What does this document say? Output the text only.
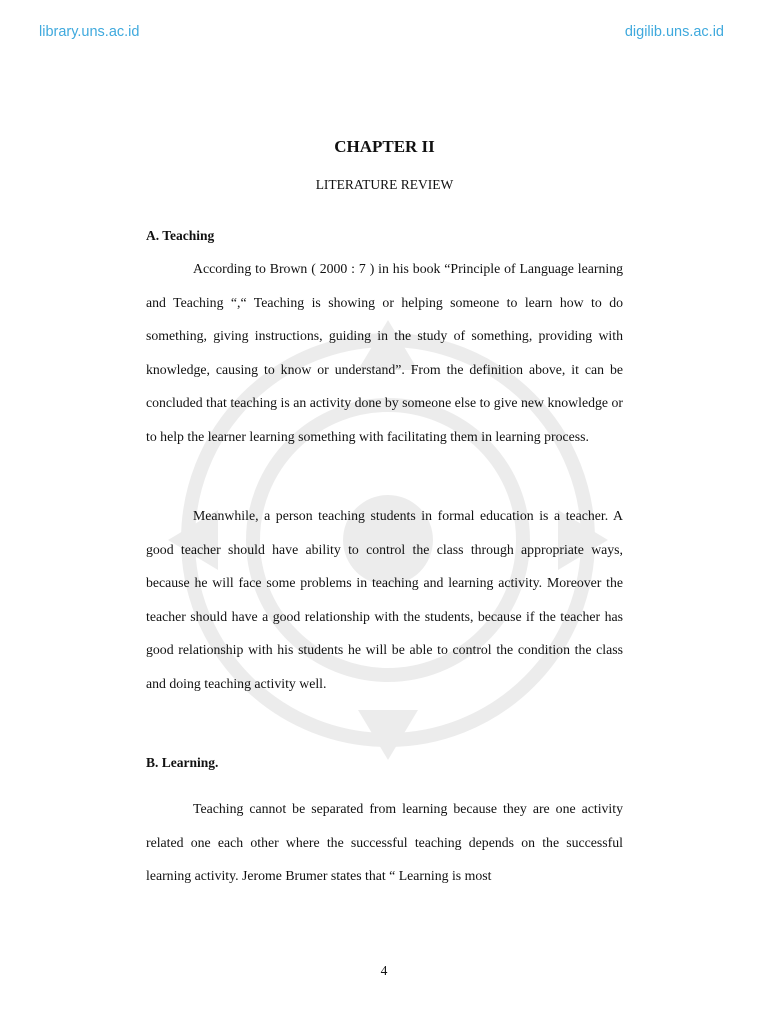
library.uns.ac.id	digilib.uns.ac.id
CHAPTER II
LITERATURE REVIEW
A. Teaching

According to Brown ( 2000 : 7 ) in his book “Principle of Language learning and Teaching “,“ Teaching is showing or helping someone to learn how to do something, giving instructions, guiding in the study of something, providing with knowledge, causing to know or understand”. From the definition above, it can be concluded that teaching is an activity done by someone else to give new knowledge or to help the learner learning something with facilitating them in learning process.

Meanwhile, a person teaching students in formal education is a teacher. A good teacher should have ability to control the class through appropriate ways, because he will face some problems in teaching and learning activity. Moreover the teacher should have a good relationship with the students, because if the teacher has good relationship with his students he will be able to control the condition the class and doing teaching activity well.

B. Learning.

Teaching cannot be separated from learning because they are one activity related one each other where the successful teaching depends on the successful learning activity. Jerome Brumer states that “ Learning is most

4
